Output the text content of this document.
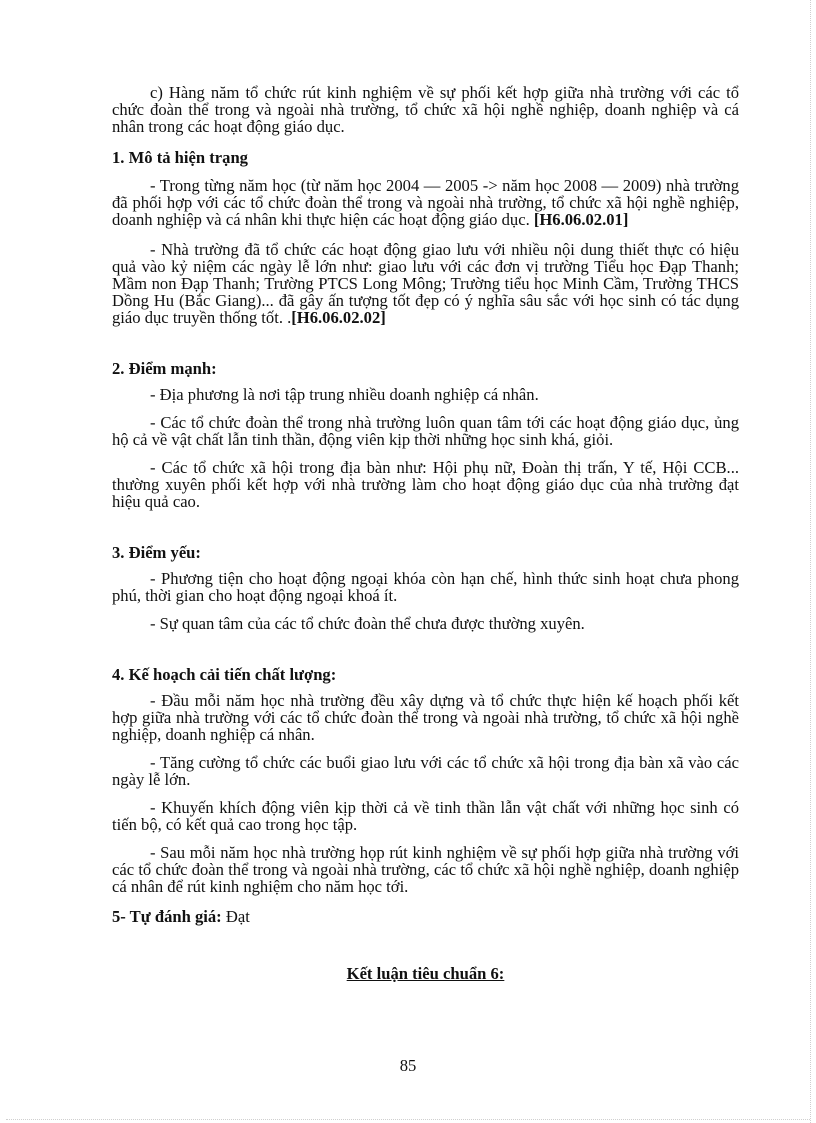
c) Hàng năm tổ chức rút kinh nghiệm về sự phối kết hợp giữa nhà trường với các tổ chức đoàn thể trong và ngoài nhà trường, tổ chức xã hội nghề nghiệp, doanh nghiệp và cá nhân trong các hoạt động giáo dục.

1. Mô tả hiện trạng

- Trong từng năm học (từ năm học 2004 — 2005 -> năm học 2008 — 2009) nhà trường đã phối hợp với các tổ chức đoàn thể trong và ngoài nhà trường, tổ chức xã hội nghề nghiệp, doanh nghiệp và cá nhân khi thực hiện các hoạt động giáo dục. [H6.06.02.01]

- Nhà trường đã tổ chức các hoạt động giao lưu với nhiều nội dung thiết thực có hiệu quả vào kỷ niệm các ngày lễ lớn như: giao lưu với các đơn vị trường Tiểu học Đạp Thanh; Mầm non Đạp Thanh; Trường PTCS Long Mông; Trường tiểu học Minh Cầm, Trường THCS Dồng Hu (Bắc Giang)... đã gây ấn tượng tốt đẹp có ý nghĩa sâu sắc với học sinh có tác dụng giáo dục truyền thống tốt. .[H6.06.02.02]

2. Điểm mạnh:

- Địa phương là nơi tập trung nhiều doanh nghiệp cá nhân.

- Các tổ chức đoàn thể trong nhà trường luôn quan tâm tới các hoạt động giáo dục, ủng hộ cả về vật chất lẫn tinh thần, động viên kịp thời những học sinh khá, giỏi.

- Các tổ chức xã hội trong địa bàn như: Hội phụ nữ, Đoàn thị trấn, Y tế, Hội CCB... thường xuyên phối kết hợp với nhà trường làm cho hoạt động giáo dục của nhà trường đạt hiệu quả cao.

3. Điểm yếu:

- Phương tiện cho hoạt động ngoại khóa còn hạn chế, hình thức sinh hoạt chưa phong phú, thời gian cho hoạt động ngoại khoá ít.

- Sự quan tâm của các tổ chức đoàn thể chưa được thường xuyên.

4. Kế hoạch cải tiến chất lượng:

- Đầu mỗi năm học nhà trường đều xây dựng và tổ chức thực hiện kế hoạch phối kết hợp giữa nhà trường với các tổ chức đoàn thể trong và ngoài nhà trường, tổ chức xã hội nghề nghiệp, doanh nghiệp cá nhân.

- Tăng cường tổ chức các buổi giao lưu với các tổ chức xã hội trong địa bàn xã vào các ngày lễ lớn.

- Khuyến khích động viên kịp thời cả về tinh thần lẫn vật chất với những học sinh có tiến bộ, có kết quả cao trong học tập.

- Sau mỗi năm học nhà trường họp rút kinh nghiệm về sự phối hợp giữa nhà trường với các tổ chức đoàn thể trong và ngoài nhà trường, các tổ chức xã hội nghề nghiệp, doanh nghiệp cá nhân để rút kinh nghiệm cho năm học tới.

5- Tự đánh giá: Đạt

Kết luận tiêu chuẩn 6:

85
